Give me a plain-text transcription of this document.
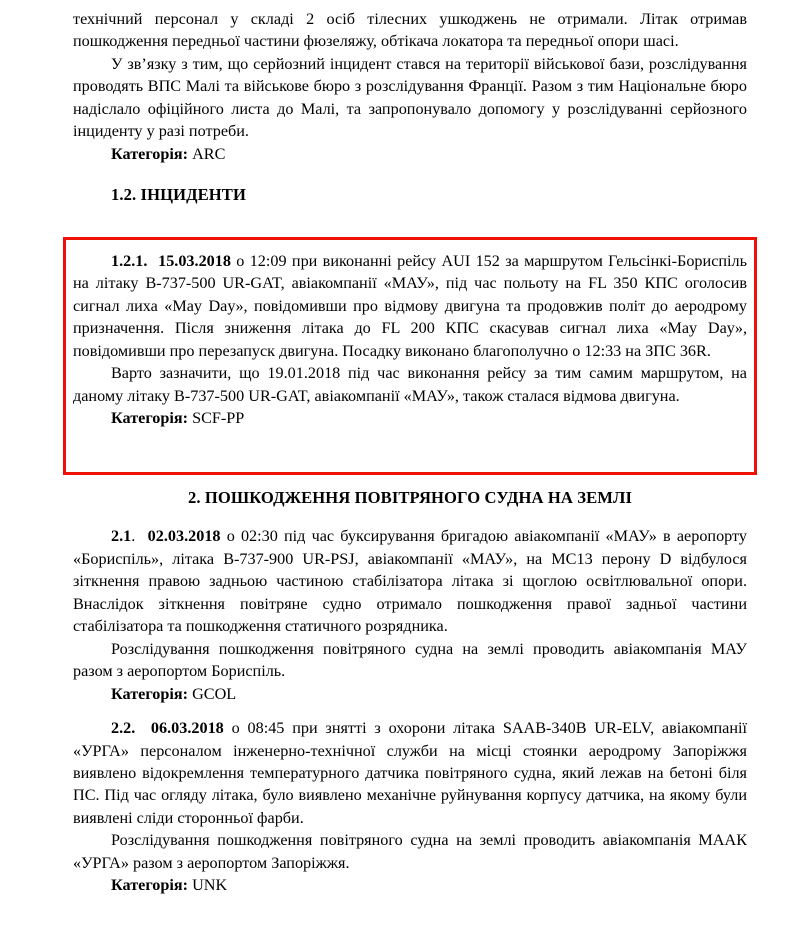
технічний персонал у складі 2 осіб тілесних ушкоджень не отримали. Літак отримав пошкодження передньої частини фюзеляжу, обтікача локатора та передньої опори шасі.

У зв’язку з тим, що серйозний інцидент стався на території військової бази, розслідування проводять ВПС Малі та військове бюро з розслідування Франції. Разом з тим Національне бюро надіслало офіційного листа до Малі, та запропонувало допомогу у розслідуванні серйозного інциденту у разі потреби.

Категорія: ARC

1.2. ІНЦИДЕНТИ

1.2.1. 15.03.2018 о 12:09 при виконанні рейсу AUI 152 за маршрутом Гельсінкі-Бориспіль на літаку В-737-500 UR-GAT, авіакомпанії «МАУ», під час польоту на FL 350 КПС оголосив сигнал лиха «May Day», повідомивши про відмову двигуна та продовжив політ до аеродрому призначення. Після зниження літака до FL 200 КПС скасував сигнал лиха «May Day», повідомивши про перезапуск двигуна. Посадку виконано благополучно о 12:33 на ЗПС 36R.

Варто зазначити, що 19.01.2018 під час виконання рейсу за тим самим маршрутом, на даному літаку В-737-500 UR-GAT, авіакомпанії «МАУ», також сталася відмова двигуна.

Категорія: SCF-PP

2. ПОШКОДЖЕННЯ ПОВІТРЯНОГО СУДНА НА ЗЕМЛІ

2.1. 02.03.2018 о 02:30 під час буксирування бригадою авіакомпанії «МАУ» в аеропорту «Бориспіль», літака В-737-900 UR-PSJ, авіакомпанії «МАУ», на МС13 перону D відбулося зіткнення правою задньою частиною стабілізатора літака зі щоглою освітлювальної опори. Внаслідок зіткнення повітряне судно отримало пошкодження правої задньої частини стабілізатора та пошкодження статичного розрядника.

Розслідування пошкодження повітряного судна на землі проводить авіакомпанія МАУ разом з аеропортом Бориспіль.

Категорія: GCOL

2.2. 06.03.2018 о 08:45 при знятті з охорони літака SAAB-340B UR-ELV, авіакомпанії «УРГА» персоналом інженерно-технічної служби на місці стоянки аеродрому Запоріжжя виявлено відокремлення температурного датчика повітряного судна, який лежав на бетоні біля ПС. Під час огляду літака, було виявлено механічне руйнування корпусу датчика, на якому були виявлені сліди сторонньої фарби.

Розслідування пошкодження повітряного судна на землі проводить авіакомпанія МААК «УРГА» разом з аеропортом Запоріжжя.

Категорія: UNK
